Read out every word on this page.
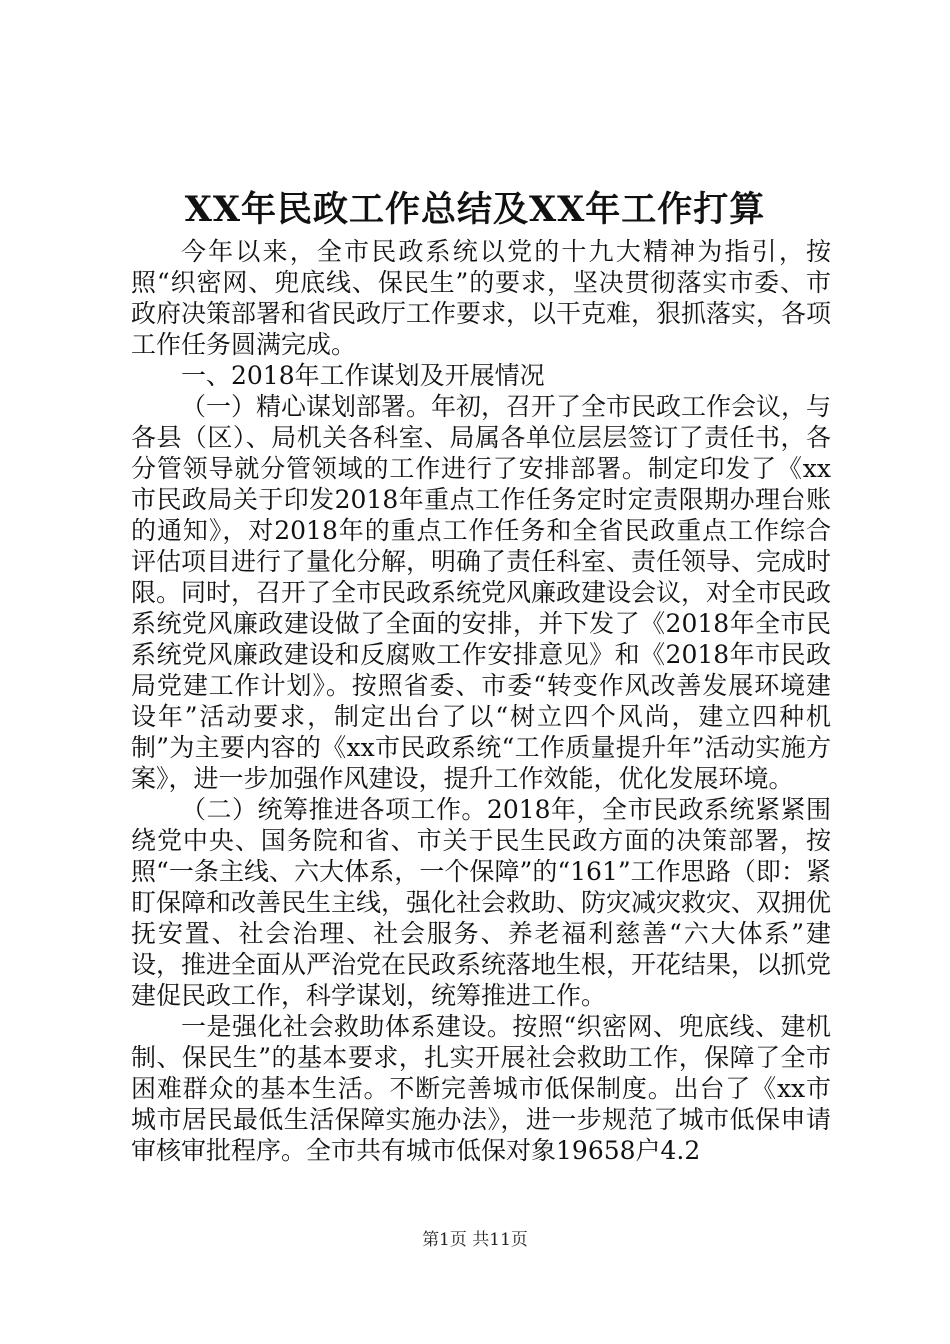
XX年民政工作总结及XX年工作打算

今年以来，全市民政系统以党的十九大精神为指引，按照“织密网、兜底线、保民生”的要求，坚决贯彻落实市委、市政府决策部署和省民政厅工作要求，以干克难，狠抓落实，各项工作任务圆满完成。

一、2018年工作谋划及开展情况

（一）精心谋划部署。年初，召开了全市民政工作会议，与各县（区）、局机关各科室、局属各单位层层签订了责任书，各分管领导就分管领域的工作进行了安排部署。制定印发了《xx市民政局关于印发2018年重点工作任务定时定责限期办理台账的通知》，对2018年的重点工作任务和全省民政重点工作综合评估项目进行了量化分解，明确了责任科室、责任领导、完成时限。同时，召开了全市民政系统党风廉政建设会议，对全市民政系统党风廉政建设做了全面的安排，并下发了《2018年全市民系统党风廉政建设和反腐败工作安排意见》和《2018年市民政局党建工作计划》。按照省委、市委“转变作风改善发展环境建设年”活动要求，制定出台了以“树立四个风尚，建立四种机制”为主要内容的《xx市民政系统“工作质量提升年”活动实施方案》，进一步加强作风建设，提升工作效能，优化发展环境。

（二）统筹推进各项工作。2018年，全市民政系统紧紧围绕党中央、国务院和省、市关于民生民政方面的决策部署，按照“一条主线、六大体系，一个保障”的“161”工作思路（即：紧盯保障和改善民生主线，强化社会救助、防灾减灾救灾、双拥优抚安置、社会治理、社会服务、养老福利慈善“六大体系”建设，推进全面从严治党在民政系统落地生根，开花结果，以抓党建促民政工作，科学谋划，统筹推进工作。

一是强化社会救助体系建设。按照“织密网、兜底线、建机制、保民生”的基本要求，扎实开展社会救助工作，保障了全市困难群众的基本生活。不断完善城市低保制度。出台了《xx市城市居民最低生活保障实施办法》，进一步规范了城市低保申请审核审批程序。全市共有城市低保对象19658户4.2

第1页 共11页
